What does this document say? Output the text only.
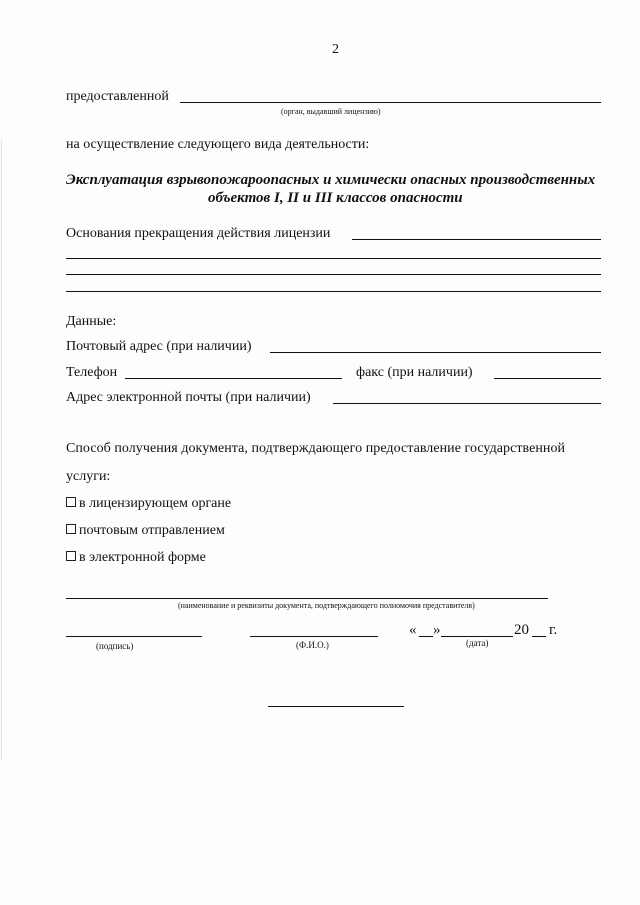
2
предоставленной
(орган, выдавший лицензию)
на осуществление следующего вида деятельности:
Эксплуатация взрывопожароопасных и химически опасных производственных
объектов I, II и III классов опасности
Основания прекращения действия лицензии
Данные:
Почтовый адрес (при наличии)
Телефон	факс (при наличии)
Адрес электронной почты (при наличии)
Способ получения документа, подтверждающего предоставление государственной
услуги:
в лицензирующем органе
почтовым отправлением
в электронной форме
(наименование и реквизиты документа, подтверждающего полномочия представителя)
(подпись)	(Ф.И.О.)
« »	20 г.
(дата)
